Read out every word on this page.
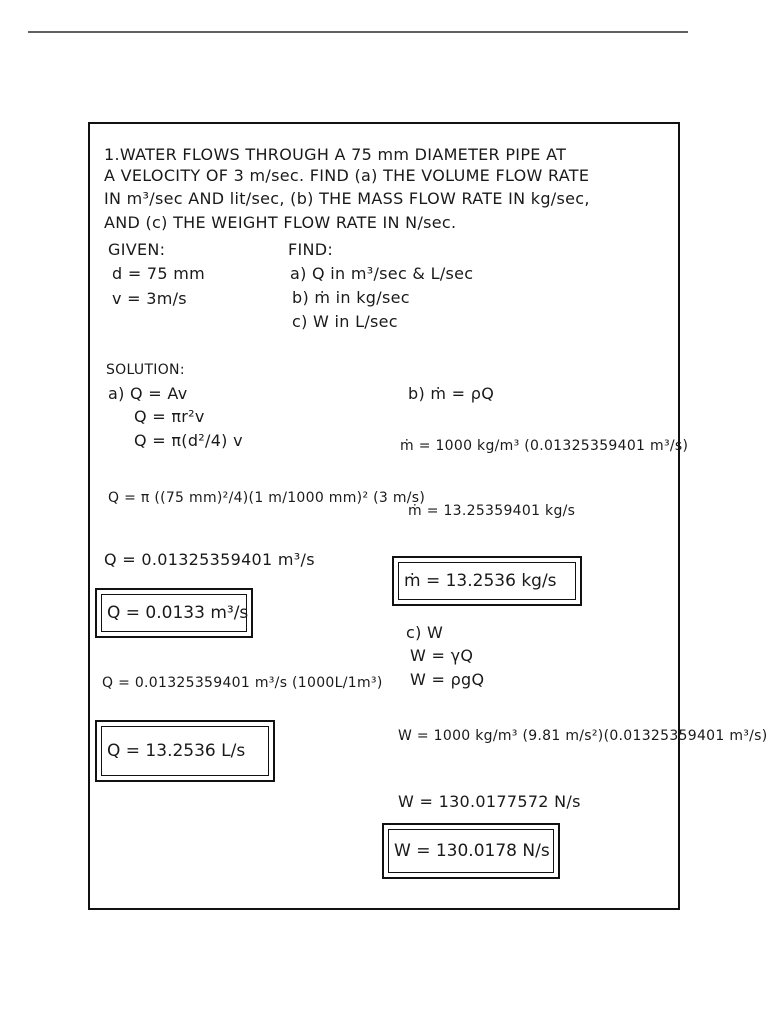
1.WATER FLOWS THROUGH A 75 mm DIAMETER PIPE AT
A VELOCITY OF 3 m/sec. FIND (a) THE VOLUME FLOW RATE
IN m³/sec AND lit/sec, (b) THE MASS FLOW RATE IN kg/sec,
AND (c) THE WEIGHT FLOW RATE IN N/sec.
GIVEN:
d = 75 mm
v = 3m/s
FIND:
a) Q in m³/sec & L/sec
b) ṁ in kg/sec
c) W in L/sec
SOLUTION:
a) Q = Av
Q = πr²v
Q = π(d²/4) v
Q = π ((75 mm)²/4)(1 m/1000 mm)² (3 m/s)
Q = 0.01325359401 m³/s
Q = 0.0133 m³/s
Q = 0.01325359401 m³/s (1000L/1m³)
Q = 13.2536 L/s
b) ṁ = ρQ
ṁ = 1000 kg/m³ (0.01325359401 m³/s)
ṁ = 13.25359401 kg/s
ṁ = 13.2536 kg/s
c) W
W = γQ
W = ρgQ
W = 1000 kg/m³ (9.81 m/s²)(0.01325359401 m³/s)
W = 130.0177572 N/s
W = 130.0178 N/s
